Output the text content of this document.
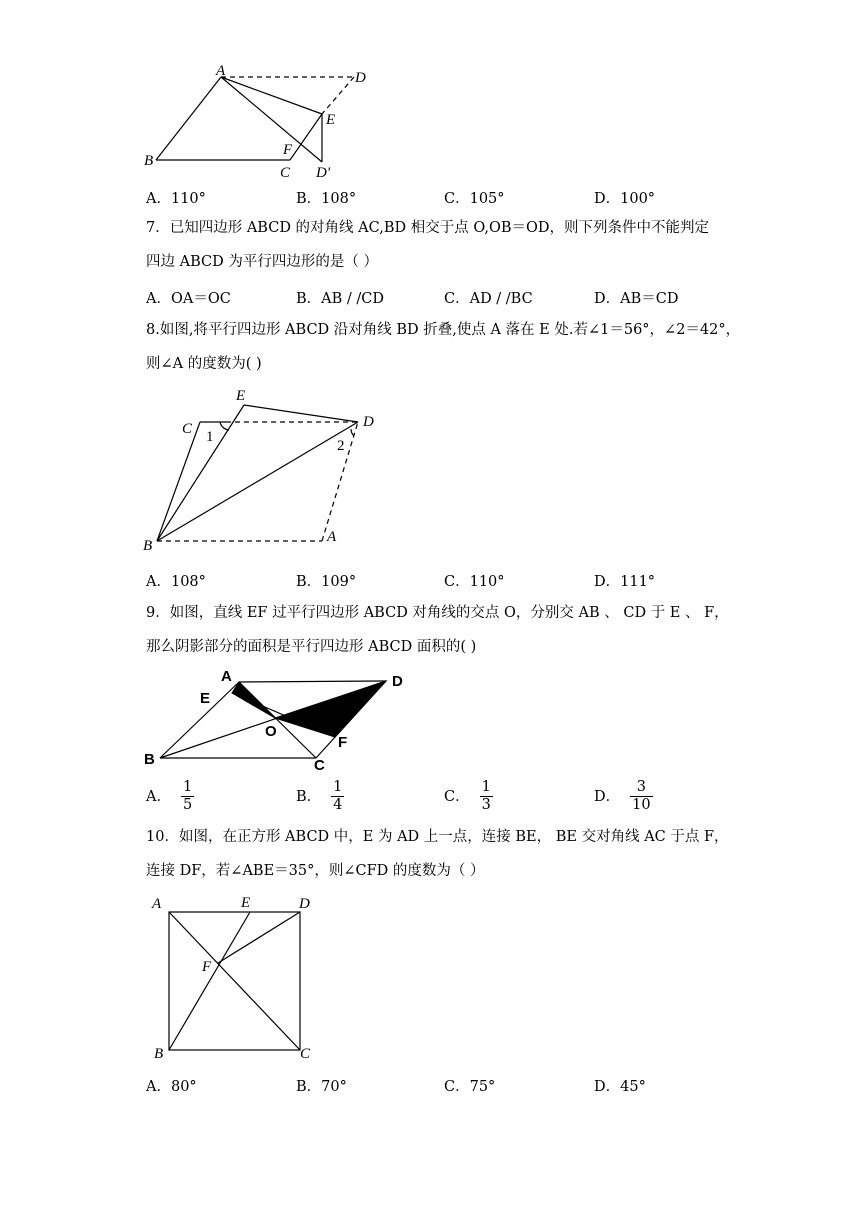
A	D
E
F
B
C D′
A．110°	B．108°	C．105°	D．100°
7．已知四边形 ABCD 的对角线 AC,BD 相交于点 O,OB＝OD，则下列条件中不能判定
四边 ABCD 为平行四边形的是（ ）
A．OA＝OC	B．AB / /CD	C．AD / /BC	D．AB＝CD
8.如图,将平行四边形 ABCD 沿对角线 BD 折叠,使点 A 落在 E 处.若∠1＝56°，∠2＝42°，
则∠A 的度数为( )
E
C 1
D
2
B
A
A．108°	B．109°	C．110°	D．111°
9．如图，直线 EF 过平行四边形 ABCD 对角线的交点 O，分别交 AB 、 CD 于 E 、 F，
那么阴影部分的面积是平行四边形 ABCD 面积的( )
A	D
E
O
F
B	C
A． $\frac{1}{5}$	B． $\frac{1}{4}$	C． $\frac{1}{3}$	D． $\frac{3}{10}$
10．如图，在正方形 ABCD 中，E 为 AD 上一点，连接 BE， BE 交对角线 AC 于点 F，
连接 DF，若∠ABE＝35°，则∠CFD 的度数为（ ）
A	E	D
F
B	C
A．80°	B．70°	C．75°	D．45°
